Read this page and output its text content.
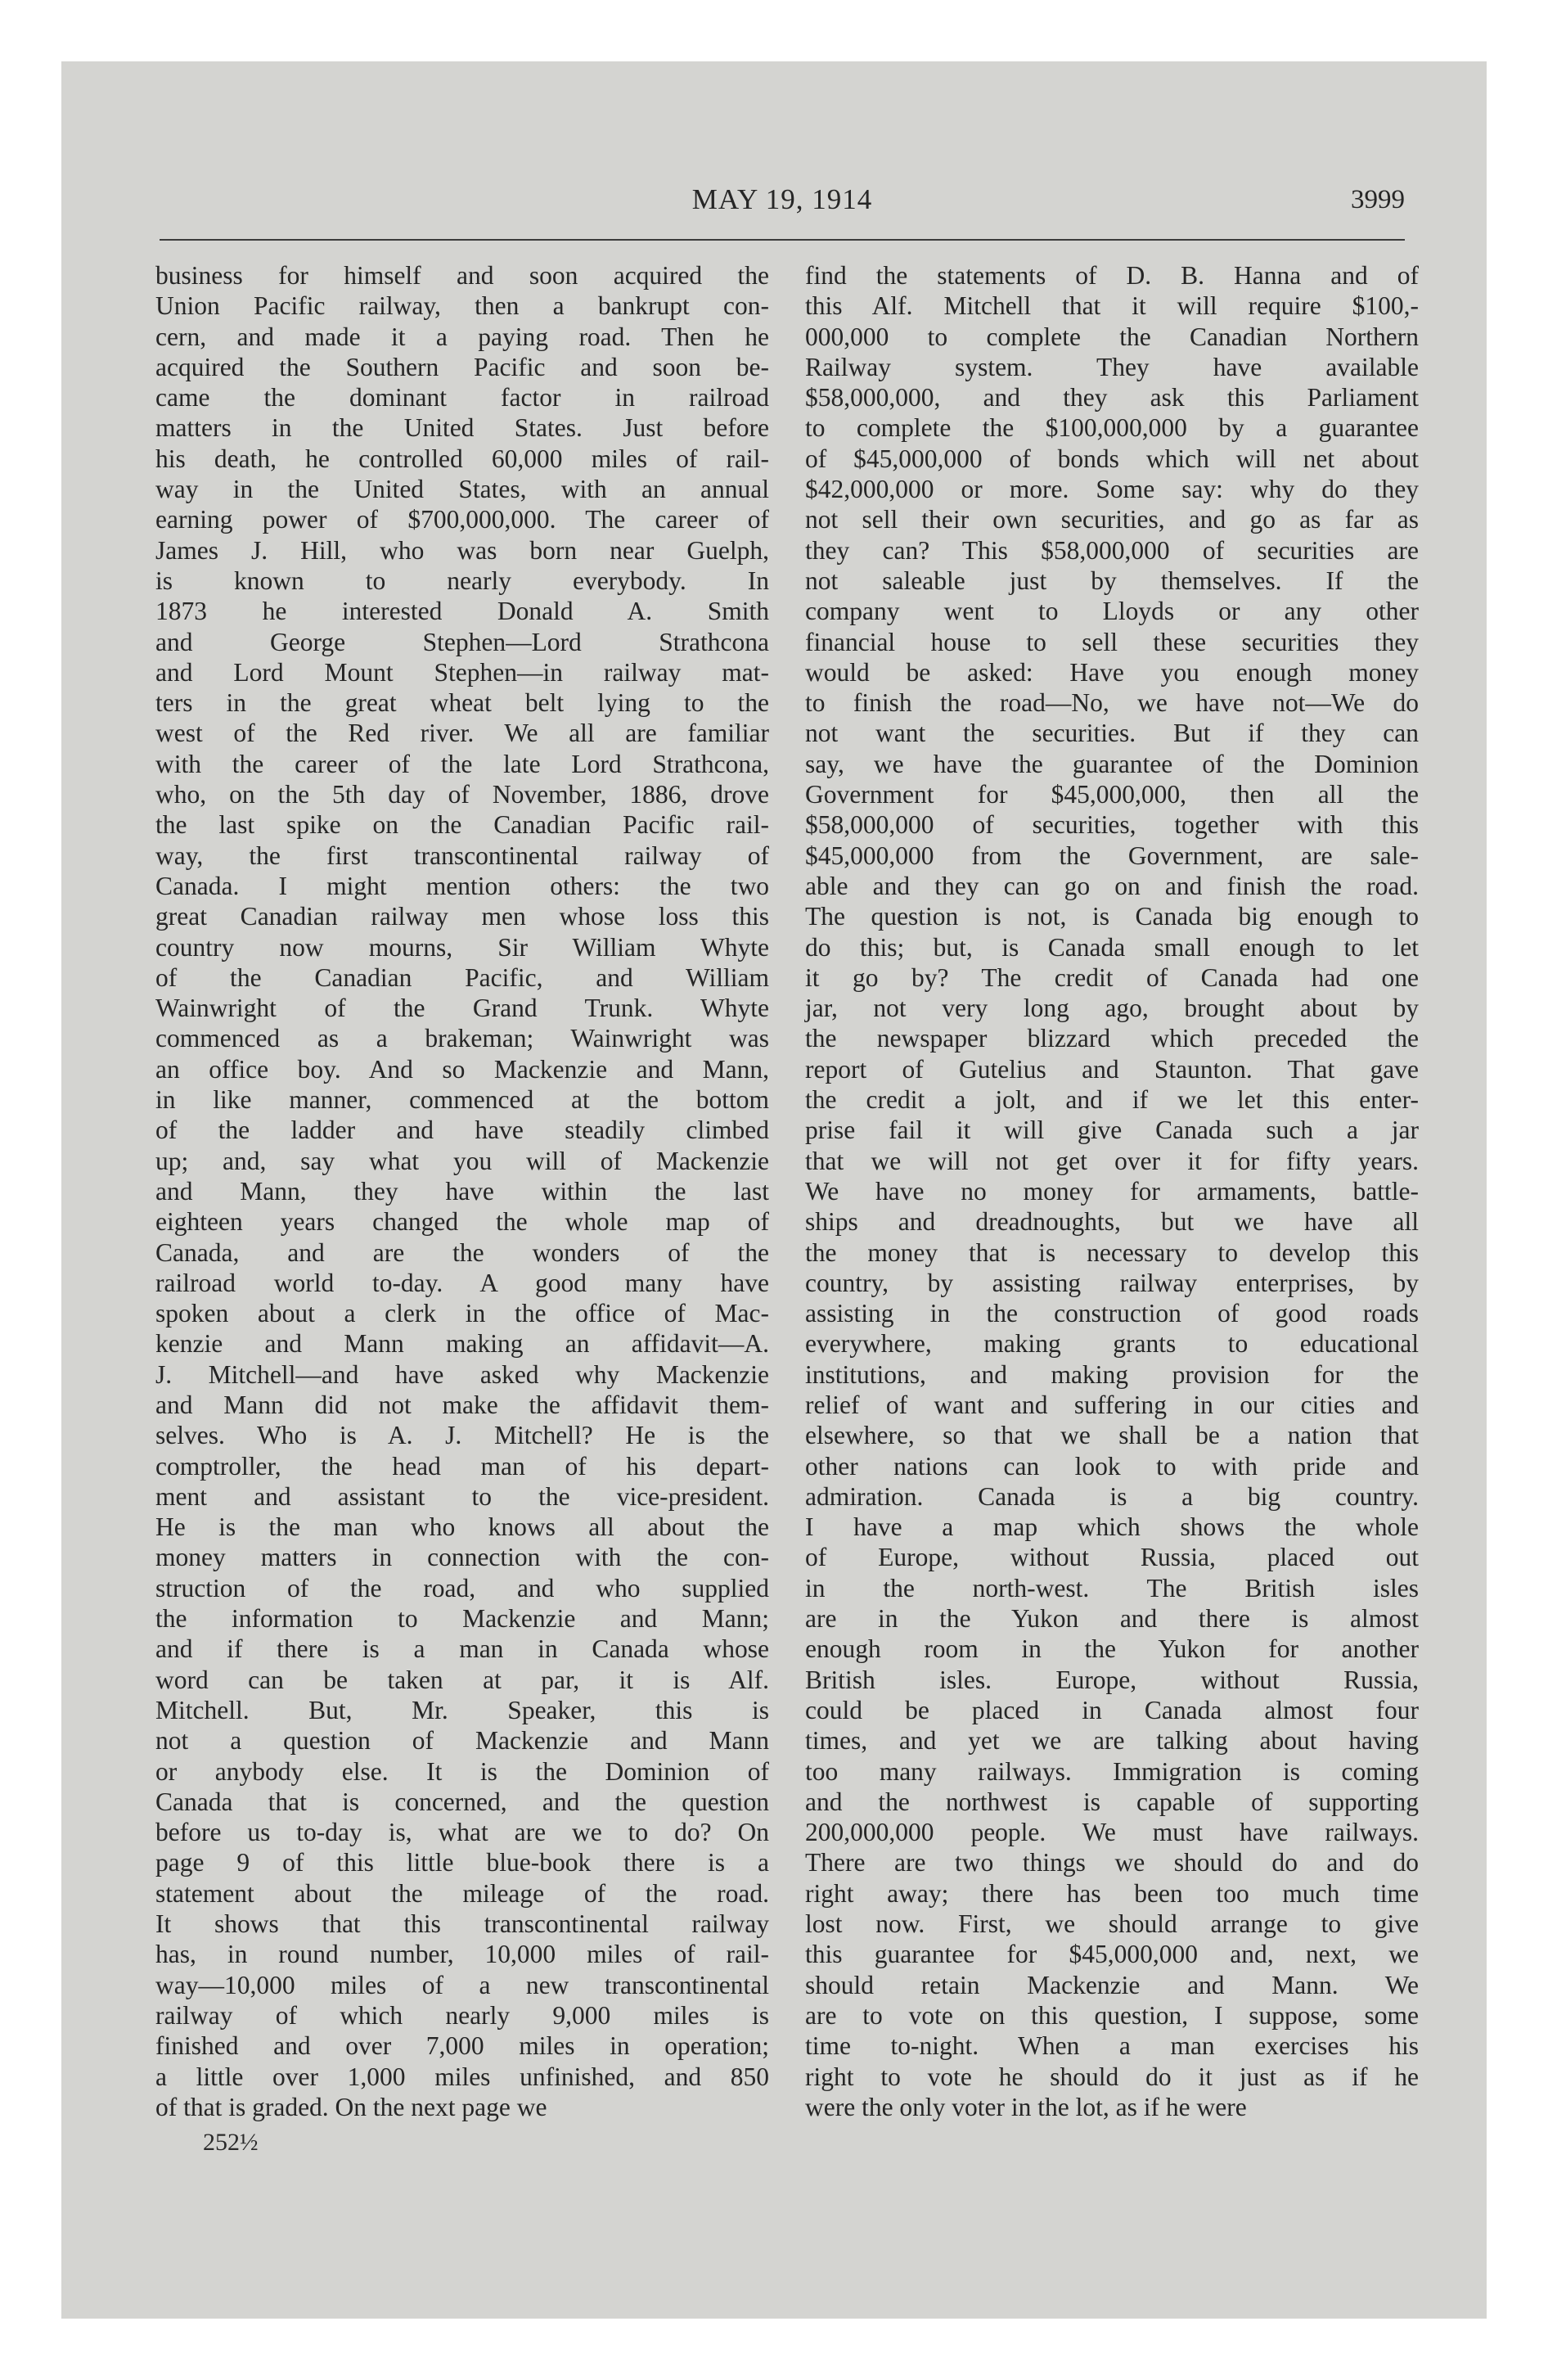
MAY 19, 1914	3999
business for himself and soon acquired the
Union Pacific railway, then a bankrupt con-
cern, and made it a paying road. Then he
acquired the Southern Pacific and soon be-
came the dominant factor in railroad
matters in the United States. Just before
his death, he controlled 60,000 miles of rail-
way in the United States, with an annual
earning power of $700,000,000. The career of
James J. Hill, who was born near Guelph,
is known to nearly everybody. In
1873 he interested Donald A. Smith
and George Stephen—Lord Strathcona
and Lord Mount Stephen—in railway mat-
ters in the great wheat belt lying to the
west of the Red river. We all are familiar
with the career of the late Lord Strathcona,
who, on the 5th day of November, 1886, drove
the last spike on the Canadian Pacific rail-
way, the first transcontinental railway of
Canada. I might mention others: the two
great Canadian railway men whose loss this
country now mourns, Sir William Whyte
of the Canadian Pacific, and William
Wainwright of the Grand Trunk. Whyte
commenced as a brakeman; Wainwright was
an office boy. And so Mackenzie and Mann,
in like manner, commenced at the bottom
of the ladder and have steadily climbed
up; and, say what you will of Mackenzie
and Mann, they have within the last
eighteen years changed the whole map of
Canada, and are the wonders of the
railroad world to-day. A good many have
spoken about a clerk in the office of Mac-
kenzie and Mann making an affidavit—A.
J. Mitchell—and have asked why Mackenzie
and Mann did not make the affidavit them-
selves. Who is A. J. Mitchell? He is the
comptroller, the head man of his depart-
ment and assistant to the vice-president.
He is the man who knows all about the
money matters in connection with the con-
struction of the road, and who supplied
the information to Mackenzie and Mann;
and if there is a man in Canada whose
word can be taken at par, it is Alf.
Mitchell. But, Mr. Speaker, this is
not a question of Mackenzie and Mann
or anybody else. It is the Dominion of
Canada that is concerned, and the question
before us to-day is, what are we to do? On
page 9 of this little blue-book there is a
statement about the mileage of the road.
It shows that this transcontinental railway
has, in round number, 10,000 miles of rail-
way—10,000 miles of a new transcontinental
railway of which nearly 9,000 miles is
finished and over 7,000 miles in operation;
a little over 1,000 miles unfinished, and 850
of that is graded. On the next page we
find the statements of D. B. Hanna and of
this Alf. Mitchell that it will require $100,-
000,000 to complete the Canadian Northern
Railway system. They have available
$58,000,000, and they ask this Parliament
to complete the $100,000,000 by a guarantee
of $45,000,000 of bonds which will net about
$42,000,000 or more. Some say: why do they
not sell their own securities, and go as far as
they can? This $58,000,000 of securities are
not saleable just by themselves. If the
company went to Lloyds or any other
financial house to sell these securities they
would be asked: Have you enough money
to finish the road—No, we have not—We do
not want the securities. But if they can
say, we have the guarantee of the Dominion
Government for $45,000,000, then all the
$58,000,000 of securities, together with this
$45,000,000 from the Government, are sale-
able and they can go on and finish the road.
The question is not, is Canada big enough to
do this; but, is Canada small enough to let
it go by? The credit of Canada had one
jar, not very long ago, brought about by
the newspaper blizzard which preceded the
report of Gutelius and Staunton. That gave
the credit a jolt, and if we let this enter-
prise fail it will give Canada such a jar
that we will not get over it for fifty years.
We have no money for armaments, battle-
ships and dreadnoughts, but we have all
the money that is necessary to develop this
country, by assisting railway enterprises, by
assisting in the construction of good roads
everywhere, making grants to educational
institutions, and making provision for the
relief of want and suffering in our cities and
elsewhere, so that we shall be a nation that
other nations can look to with pride and
admiration. Canada is a big country.
I have a map which shows the whole
of Europe, without Russia, placed out
in the north-west. The British isles
are in the Yukon and there is almost
enough room in the Yukon for another
British isles. Europe, without Russia,
could be placed in Canada almost four
times, and yet we are talking about having
too many railways. Immigration is coming
and the northwest is capable of supporting
200,000,000 people. We must have railways.
There are two things we should do and do
right away; there has been too much time
lost now. First, we should arrange to give
this guarantee for $45,000,000 and, next, we
should retain Mackenzie and Mann. We
are to vote on this question, I suppose, some
time to-night. When a man exercises his
right to vote he should do it just as if he
were the only voter in the lot, as if he were
252½
